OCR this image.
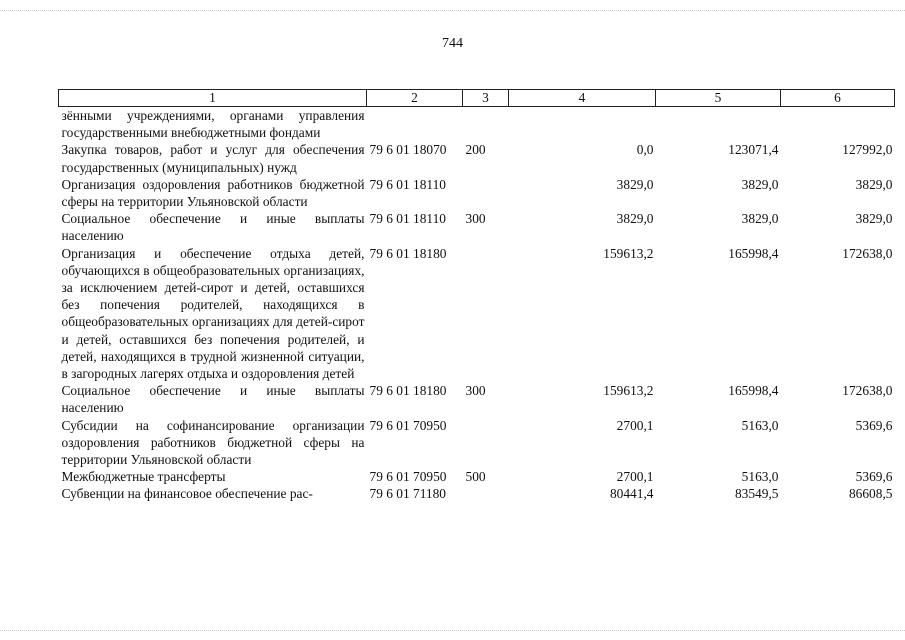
744
1	2	3	4	5	6
зёнными учреждениями, органами управления государственными внебюджетными фондами					
Закупка товаров, работ и услуг для обеспечения государственных (муниципальных) нужд	79 6 01 18070	200	0,0	123071,4	127992,0
Организация оздоровления работников бюджетной сферы на территории Ульяновской области	79 6 01 18110		3829,0	3829,0	3829,0
Социальное обеспечение и иные выплаты населению	79 6 01 18110	300	3829,0	3829,0	3829,0
Организация и обеспечение отдыха детей, обучающихся в общеобразовательных организациях, за исключением детей-сирот и детей, оставшихся без попечения родителей, находящихся в общеобразовательных организациях для детей-сирот и детей, оставшихся без попечения родителей, и детей, находящихся в трудной жизненной ситуации, в загородных лагерях отдыха и оздоровления детей	79 6 01 18180		159613,2	165998,4	172638,0
Социальное обеспечение и иные выплаты населению	79 6 01 18180	300	159613,2	165998,4	172638,0
Субсидии на софинансирование организации оздоровления работников бюджетной сферы на территории Ульяновской области	79 6 01 70950		2700,1	5163,0	5369,6
Межбюджетные трансферты	79 6 01 70950	500	2700,1	5163,0	5369,6
Субвенции на финансовое обеспечение рас-	79 6 01 71180		80441,4	83549,5	86608,5
